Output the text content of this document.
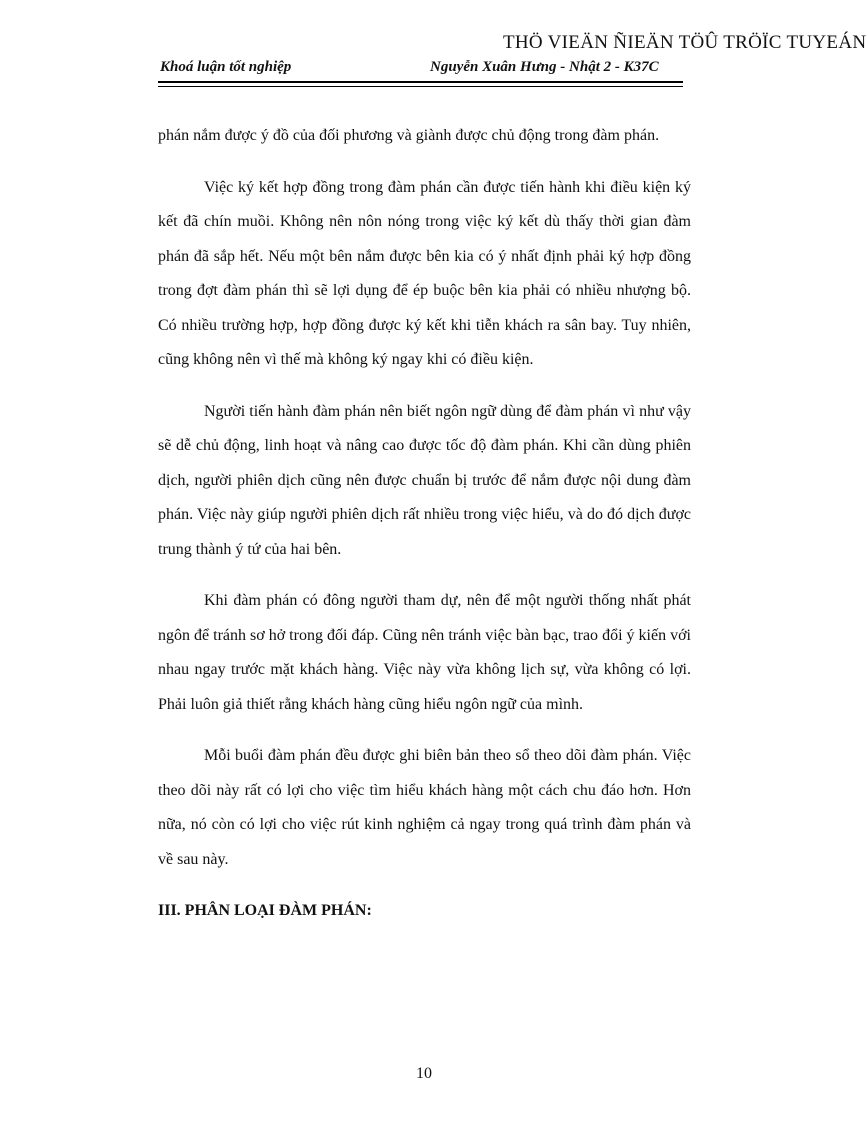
THÖ VIEÄN ÑIEÄN TÖÛ TRÖÏC TUYEÁN
Khoá luận tốt nghiệp	Nguyễn Xuân Hưng - Nhật 2 - K37C

phán nắm được ý đồ của đối phương và giành được chủ động trong đàm phán.

Việc ký kết hợp đồng trong đàm phán cần được tiến hành khi điều kiện ký kết đã chín muồi. Không nên nôn nóng trong việc ký kết dù thấy thời gian đàm phán đã sắp hết. Nếu một bên nắm được bên kia có ý nhất định phải ký hợp đồng trong đợt đàm phán thì sẽ lợi dụng để ép buộc bên kia phải có nhiều nhượng bộ. Có nhiều trường hợp, hợp đồng được ký kết khi tiễn khách ra sân bay. Tuy nhiên, cũng không nên vì thế mà không ký ngay khi có điều kiện.

Người tiến hành đàm phán nên biết ngôn ngữ dùng để đàm phán vì như vậy sẽ dễ chủ động, linh hoạt và nâng cao được tốc độ đàm phán. Khi cần dùng phiên dịch, người phiên dịch cũng nên được chuẩn bị trước để nắm được nội dung đàm phán. Việc này giúp người phiên dịch rất nhiều trong việc hiểu, và do đó dịch được trung thành ý tứ của hai bên.

Khi đàm phán có đông người tham dự, nên để một người thống nhất phát ngôn để tránh sơ hở trong đối đáp. Cũng nên tránh việc bàn bạc, trao đổi ý kiến với nhau ngay trước mặt khách hàng. Việc này vừa không lịch sự, vừa không có lợi. Phải luôn giả thiết rằng khách hàng cũng hiểu ngôn ngữ của mình.

Mỗi buổi đàm phán đều được ghi biên bản theo sổ theo dõi đàm phán. Việc theo dõi này rất có lợi cho việc tìm hiểu khách hàng một cách chu đáo hơn. Hơn nữa, nó còn có lợi cho việc rút kinh nghiệm cả ngay trong quá trình đàm phán và về sau này.

III. PHÂN LOẠI ĐÀM PHÁN:
10
